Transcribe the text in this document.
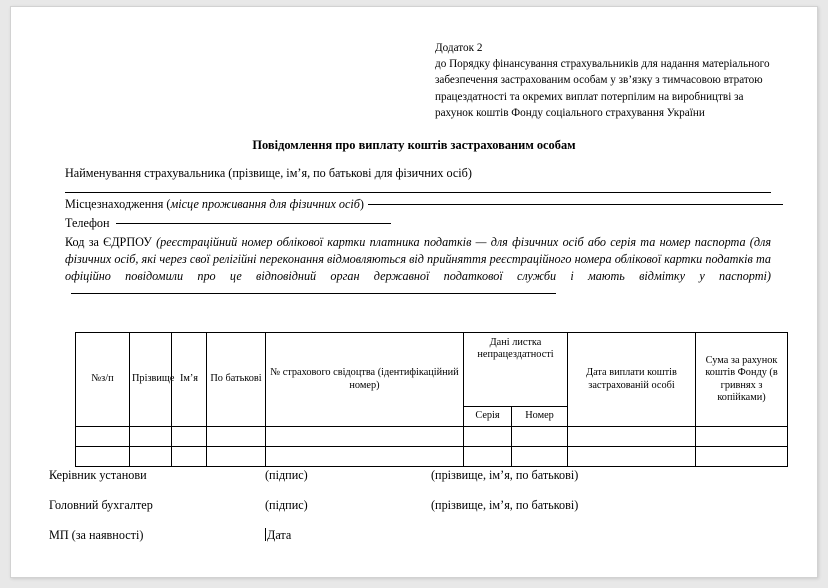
Додаток 2
до Порядку фінансування страхувальників для надання матеріального
забезпечення застрахованим особам у зв’язку з тимчасовою втратою
працездатності та окремих виплат потерпілим на виробництві за
рахунок коштів Фонду соціального страхування України
Повідомлення про виплату коштів застрахованим особам
Найменування страхувальника (прізвище, ім’я, по батькові для фізичних осіб)
Місцезнаходження (місце проживання для фізичних осіб)
Телефон
Код за ЄДРПОУ (реєстраційний номер облікової картки платника податків — для фізичних осіб або серія та номер паспорта (для фізичних осіб, які через свої релігійні переконання відмовляються від прийняття реєстраційного номера облікової картки податків та офіційно повідомили про це відповідний орган державної податкової служби і мають відмітку у паспорті)
№з/п	Прізвище	Ім’я	По батькові	№ страхового свідоцтва (ідентифікаційний номер)	Дані листка непрацездатності		Дата виплати коштів застрахованій особі	Сума за рахунок коштів Фонду (в гривнях з копійками)
					Серія	Номер		

Керівник установи	(підпис)	(прізвище, ім’я, по батькові)
Головний бухгалтер	(підпис)	(прізвище, ім’я, по батькові)
МП (за наявності)	Дата
